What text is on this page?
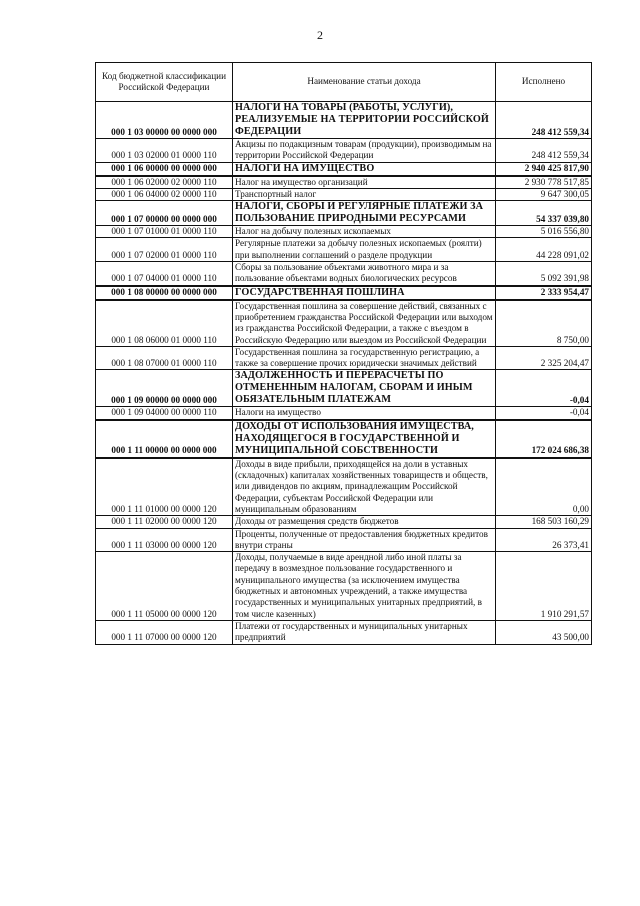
2
Код бюджетной классификации Российской Федерации	Наименование статьи дохода	Исполнено
000 1 03 00000 00 0000 000	НАЛОГИ НА ТОВАРЫ (РАБОТЫ, УСЛУГИ), РЕАЛИЗУЕМЫЕ НА ТЕРРИТОРИИ РОССИЙСКОЙ ФЕДЕРАЦИИ	248 412 559,34
000 1 03 02000 01 0000 110	Акцизы по подакцизным товарам (продукции), производимым на территории Российской Федерации	248 412 559,34
000 1 06 00000 00 0000 000	НАЛОГИ НА ИМУЩЕСТВО	2 940 425 817,90
000 1 06 02000 02 0000 110	Налог на имущество организаций	2 930 778 517,85
000 1 06 04000 02 0000 110	Транспортный налог	9 647 300,05
000 1 07 00000 00 0000 000	НАЛОГИ, СБОРЫ И РЕГУЛЯРНЫЕ ПЛАТЕЖИ ЗА ПОЛЬЗОВАНИЕ ПРИРОДНЫМИ РЕСУРСАМИ	54 337 039,80
000 1 07 01000 01 0000 110	Налог на добычу полезных ископаемых	5 016 556,80
000 1 07 02000 01 0000 110	Регулярные платежи за добычу полезных ископаемых (роялти) при выполнении соглашений о разделе продукции	44 228 091,02
000 1 07 04000 01 0000 110	Сборы за пользование объектами животного мира и за пользование объектами водных биологических ресурсов	5 092 391,98
000 1 08 00000 00 0000 000	ГОСУДАРСТВЕННАЯ ПОШЛИНА	2 333 954,47
000 1 08 06000 01 0000 110	Государственная пошлина за совершение действий, связанных с приобретением гражданства Российской Федерации или выходом из гражданства Российской Федерации, а также с въездом в Российскую Федерацию или выездом из Российской Федерации	8 750,00
000 1 08 07000 01 0000 110	Государственная пошлина за государственную регистрацию, а также за совершение прочих юридически значимых действий	2 325 204,47
000 1 09 00000 00 0000 000	ЗАДОЛЖЕННОСТЬ И ПЕРЕРАСЧЕТЫ ПО ОТМЕНЕННЫМ НАЛОГАМ, СБОРАМ И ИНЫМ ОБЯЗАТЕЛЬНЫМ ПЛАТЕЖАМ	-0,04
000 1 09 04000 00 0000 110	Налоги на имущество	-0,04
000 1 11 00000 00 0000 000	ДОХОДЫ ОТ ИСПОЛЬЗОВАНИЯ ИМУЩЕСТВА, НАХОДЯЩЕГОСЯ В ГОСУДАРСТВЕННОЙ И МУНИЦИПАЛЬНОЙ СОБСТВЕННОСТИ	172 024 686,38
000 1 11 01000 00 0000 120	Доходы в виде прибыли, приходящейся на доли в уставных (складочных) капиталах хозяйственных товариществ и обществ, или дивидендов по акциям, принадлежащим Российской Федерации, субъектам Российской Федерации или муниципальным образованиям	0,00
000 1 11 02000 00 0000 120	Доходы от размещения средств бюджетов	168 503 160,29
000 1 11 03000 00 0000 120	Проценты, полученные от предоставления бюджетных кредитов внутри страны	26 373,41
000 1 11 05000 00 0000 120	Доходы, получаемые в виде арендной либо иной платы за передачу в возмездное пользование государственного и муниципального имущества (за исключением имущества бюджетных и автономных учреждений, а также имущества государственных и муниципальных унитарных предприятий, в том числе казенных)	1 910 291,57
000 1 11 07000 00 0000 120	Платежи от государственных и муниципальных унитарных предприятий	43 500,00
